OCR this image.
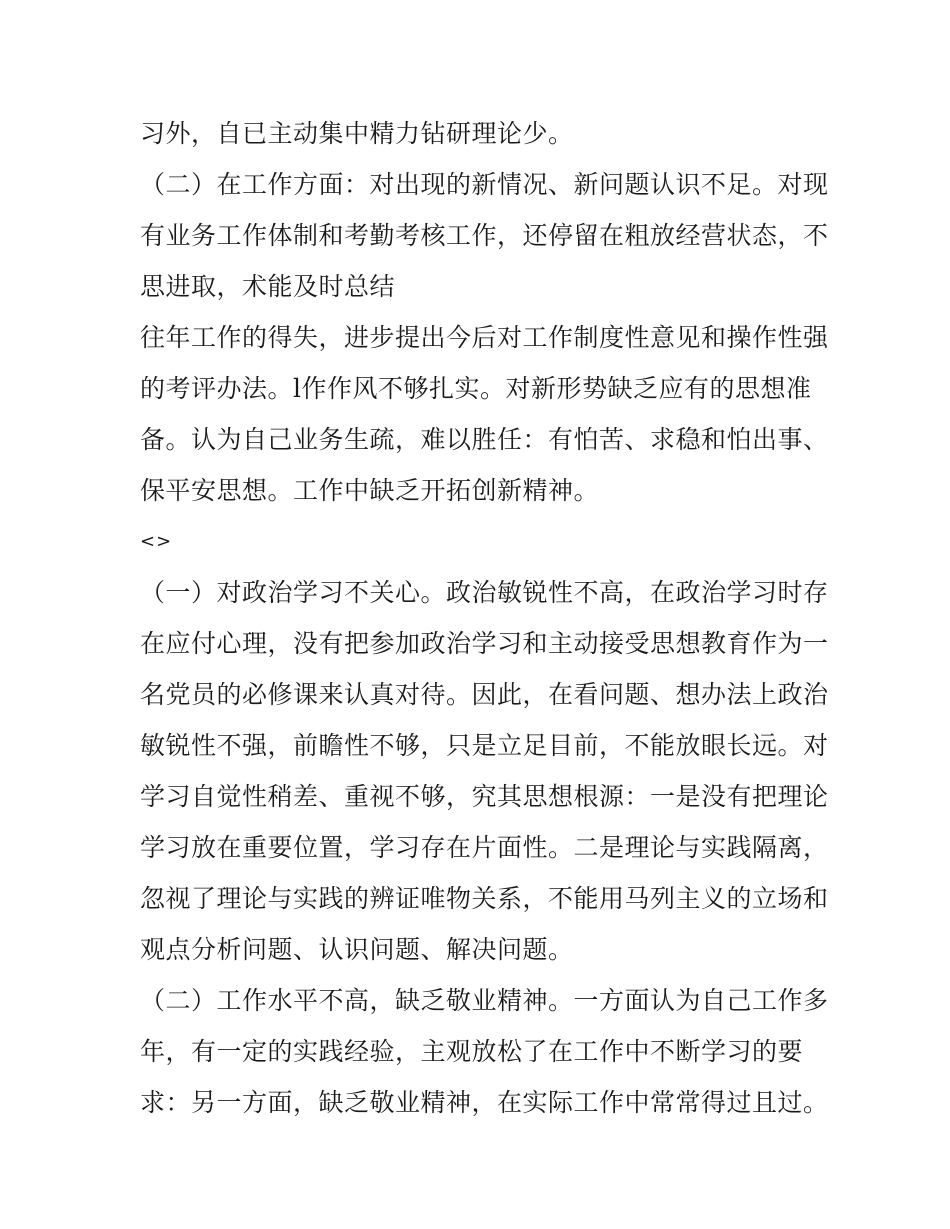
习外，自已主动集中精力钻研理论少。
（二）在工作方面：对出现的新情况、新问题认识不足。对现
有业务工作体制和考勤考核工作，还停留在粗放经营状态，不
思进取，术能及时总结
往年工作的得失，进步提出今后对工作制度性意见和操作性强
的考评办法。l作作风不够扎实。对新形势缺乏应有的思想准
备。认为自己业务生疏，难以胜任：有怕苦、求稳和怕出事、
保平安思想。工作中缺乏开拓创新精神。
<>
（一）对政治学习不关心。政治敏锐性不高，在政治学习时存
在应付心理，没有把参加政治学习和主动接受思想教育作为一
名党员的必修课来认真对待。因此，在看问题、想办法上政治
敏锐性不强，前瞻性不够，只是立足目前，不能放眼长远。对
学习自觉性稍差、重视不够，究其思想根源：一是没有把理论
学习放在重要位置，学习存在片面性。二是理论与实践隔离，
忽视了理论与实践的辨证唯物关系，不能用马列主义的立场和
观点分析问题、认识问题、解决问题。
（二）工作水平不高，缺乏敬业精神。一方面认为自己工作多
年，有一定的实践经验，主观放松了在工作中不断学习的要
求：另一方面，缺乏敬业精神，在实际工作中常常得过且过。
